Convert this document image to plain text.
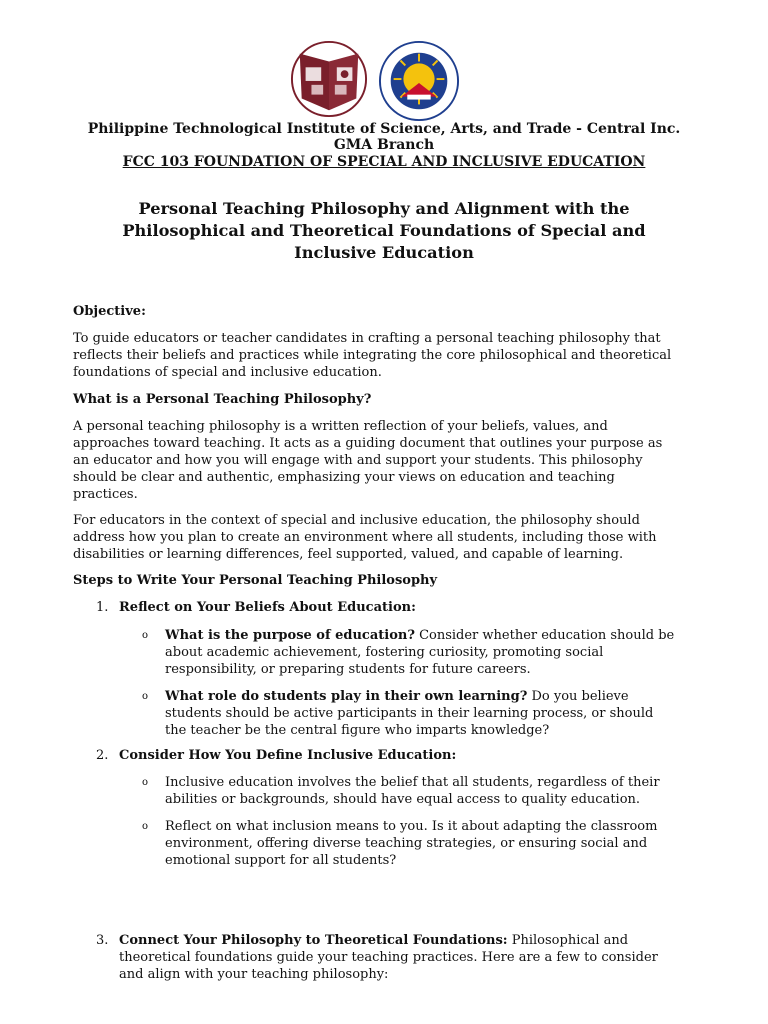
Philippine Technological Institute of Science, Arts, and Trade - Central Inc.
GMA Branch
FCC 103 FOUNDATION OF SPECIAL AND INCLUSIVE EDUCATION
Personal Teaching Philosophy and Alignment with the
Philosophical and Theoretical Foundations of Special and
Inclusive Education
Objective:
To guide educators or teacher candidates in crafting a personal teaching philosophy that
reflects their beliefs and practices while integrating the core philosophical and theoretical
foundations of special and inclusive education.
What is a Personal Teaching Philosophy?
A personal teaching philosophy is a written reflection of your beliefs, values, and
approaches toward teaching. It acts as a guiding document that outlines your purpose as
an educator and how you will engage with and support your students. This philosophy
should be clear and authentic, emphasizing your views on education and teaching
practices.
For educators in the context of special and inclusive education, the philosophy should
address how you plan to create an environment where all students, including those with
disabilities or learning differences, feel supported, valued, and capable of learning.
Steps to Write Your Personal Teaching Philosophy
1. Reflect on Your Beliefs About Education:
o What is the purpose of education? Consider whether education should be
about academic achievement, fostering curiosity, promoting social
responsibility, or preparing students for future careers.
o What role do students play in their own learning? Do you believe
students should be active participants in their learning process, or should
the teacher be the central figure who imparts knowledge?
2. Consider How You Define Inclusive Education:
o Inclusive education involves the belief that all students, regardless of their
abilities or backgrounds, should have equal access to quality education.
o Reflect on what inclusion means to you. Is it about adapting the classroom
environment, offering diverse teaching strategies, or ensuring social and
emotional support for all students?
3. Connect Your Philosophy to Theoretical Foundations: Philosophical and
theoretical foundations guide your teaching practices. Here are a few to consider
and align with your teaching philosophy:
